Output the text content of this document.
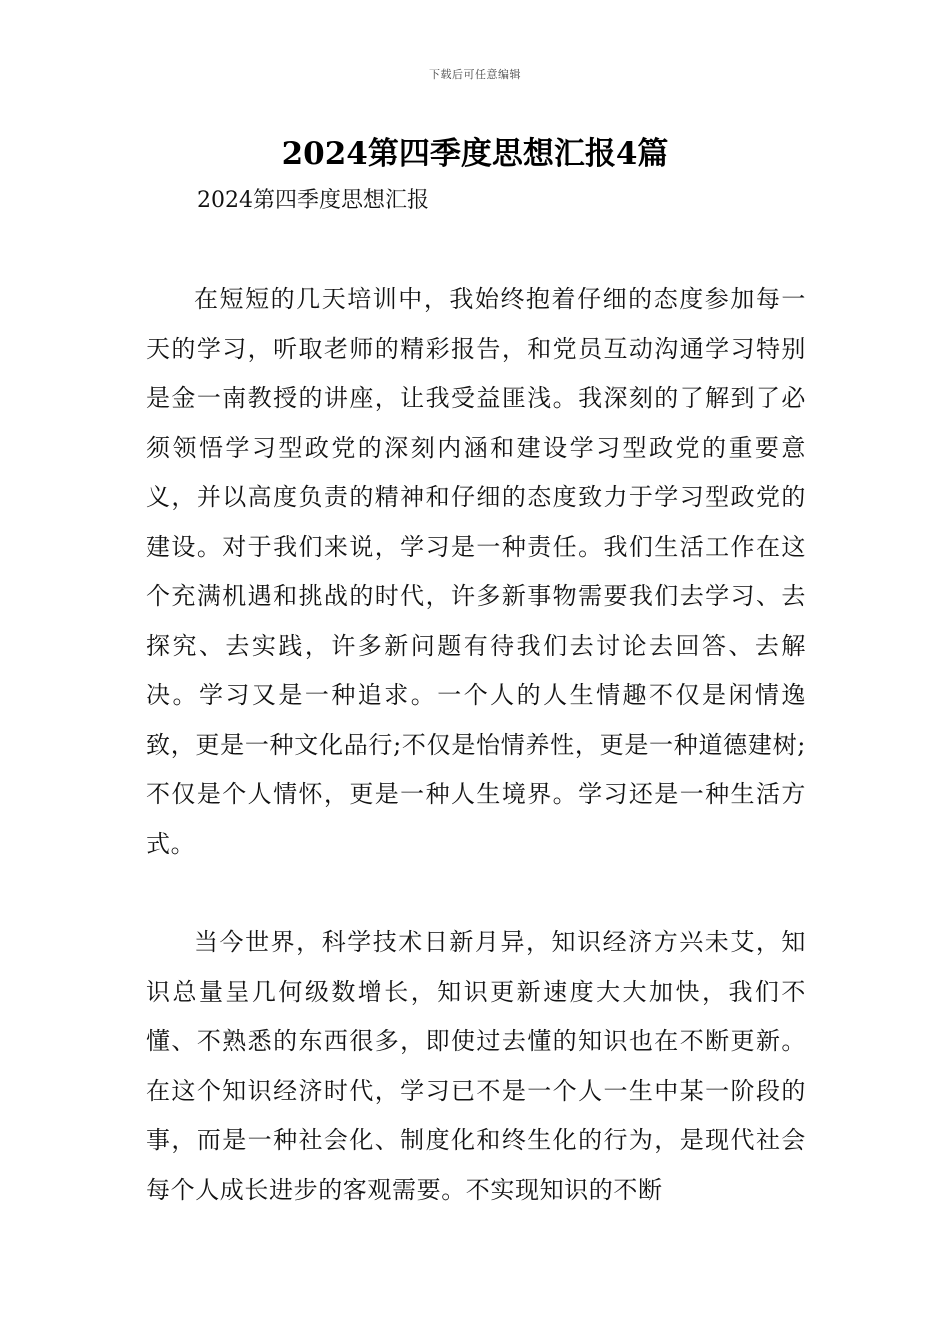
下载后可任意编辑
2024第四季度思想汇报4篇

2024第四季度思想汇报

在短短的几天培训中，我始终抱着仔细的态度参加每一天的学习，听取老师的精彩报告，和党员互动沟通学习特别是金一南教授的讲座，让我受益匪浅。我深刻的了解到了必须领悟学习型政党的深刻内涵和建设学习型政党的重要意义，并以高度负责的精神和仔细的态度致力于学习型政党的建设。对于我们来说，学习是一种责任。我们生活工作在这个充满机遇和挑战的时代，许多新事物需要我们去学习、去探究、去实践，许多新问题有待我们去讨论去回答、去解决。学习又是一种追求。一个人的人生情趣不仅是闲情逸致，更是一种文化品行;不仅是怡情养性，更是一种道德建树;不仅是个人情怀，更是一种人生境界。学习还是一种生活方式。

当今世界，科学技术日新月异，知识经济方兴未艾，知识总量呈几何级数增长，知识更新速度大大加快，我们不懂、不熟悉的东西很多，即使过去懂的知识也在不断更新。在这个知识经济时代，学习已不是一个人一生中某一阶段的事，而是一种社会化、制度化和终生化的行为，是现代社会每个人成长进步的客观需要。不实现知识的不断
